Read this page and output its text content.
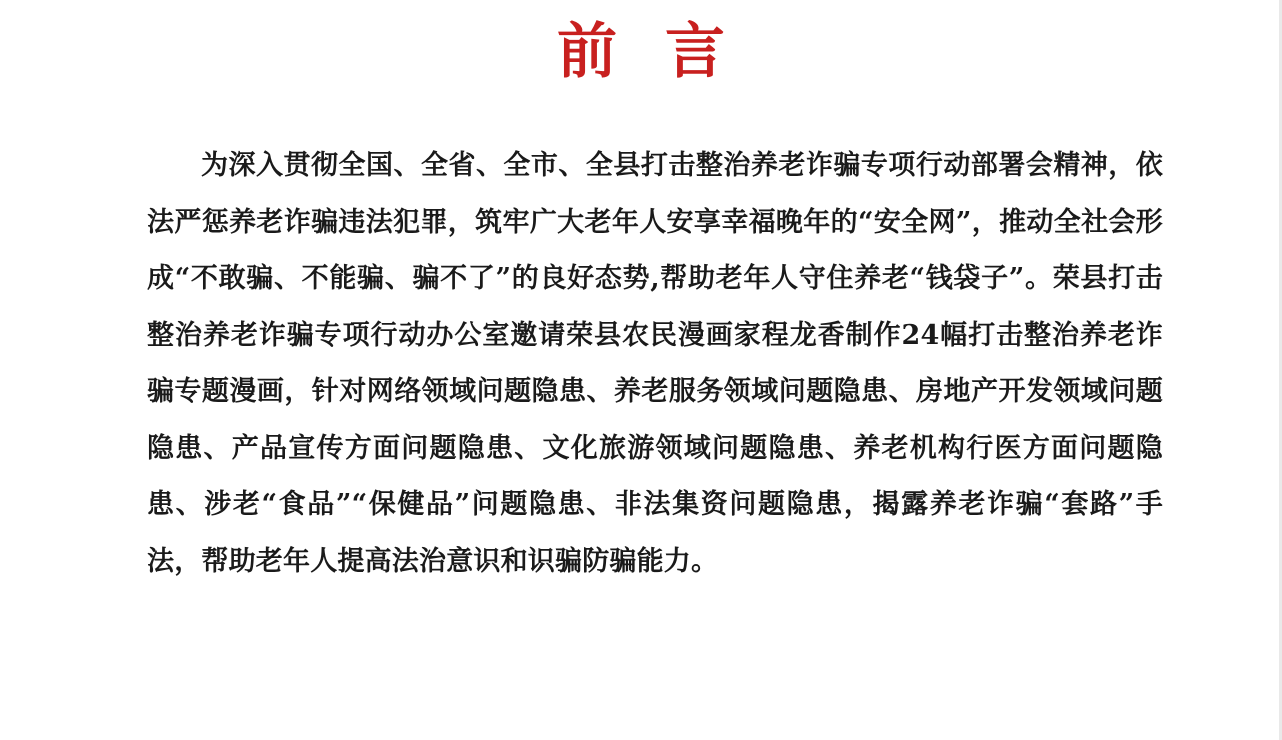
前言

为深入贯彻全国、全省、全市、全县打击整治养老诈骗专项行动部署会精神，依法严惩养老诈骗违法犯罪，筑牢广大老年人安享幸福晚年的“安全网”，推动全社会形成“不敢骗、不能骗、骗不了”的良好态势,帮助老年人守住养老“钱袋子”。荣县打击整治养老诈骗专项行动办公室邀请荣县农民漫画家程龙香制作24幅打击整治养老诈骗专题漫画，针对网络领域问题隐患、养老服务领域问题隐患、房地产开发领域问题隐患、产品宣传方面问题隐患、文化旅游领域问题隐患、养老机构行医方面问题隐患、涉老“食品”“保健品”问题隐患、非法集资问题隐患，揭露养老诈骗“套路”手法，帮助老年人提高法治意识和识骗防骗能力。
